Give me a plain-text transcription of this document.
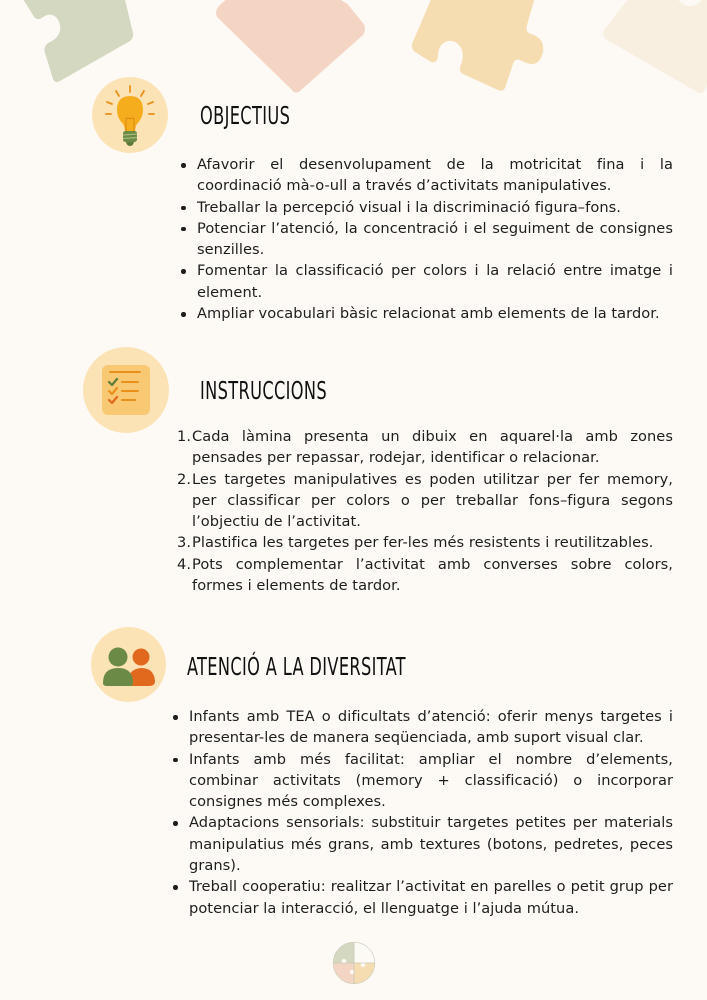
OBJECTIUS
Afavorir el desenvolupament de la motricitat fina i la coordinació mà-o-ull a través d’activitats manipulatives.
Treballar la percepció visual i la discriminació figura–fons.
Potenciar l’atenció, la concentració i el seguiment de consignes senzilles.
Fomentar la classificació per colors i la relació entre imatge i element.
Ampliar vocabulari bàsic relacionat amb elements de la tardor.
INSTRUCCIONS
1. Cada làmina presenta un dibuix en aquarel·la amb zones pensades per repassar, rodejar, identificar o relacionar.
2. Les targetes manipulatives es poden utilitzar per fer memory, per classificar per colors o per treballar fons–figura segons l’objectiu de l’activitat.
3. Plastifica les targetes per fer-les més resistents i reutilitzables.
4. Pots complementar l’activitat amb converses sobre colors, formes i elements de tardor.
ATENCIÓ A LA DIVERSITAT
Infants amb TEA o dificultats d’atenció: oferir menys targetes i presentar-les de manera seqüenciada, amb suport visual clar.
Infants amb més facilitat: ampliar el nombre d’elements, combinar activitats (memory + classificació) o incorporar consignes més complexes.
Adaptacions sensorials: substituir targetes petites per materials manipulatius més grans, amb textures (botons, pedretes, peces grans).
Treball cooperatiu: realitzar l’activitat en parelles o petit grup per potenciar la interacció, el llenguatge i l’ajuda mútua.
